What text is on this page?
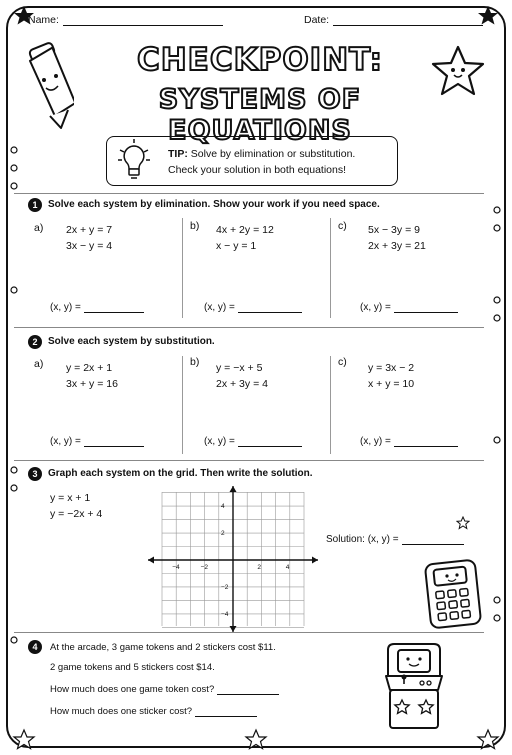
Name:	Date:
CHECKPOINT:
SYSTEMS OF EQUATIONS
TIP: Solve by elimination or substitution.
Check your solution in both equations!
1	Solve each system by elimination. Show your work if you need space.
a) 2x + y = 7
3x − y = 4
b) 4x + 2y = 12
x − y = 1
c) 5x − 3y = 9
2x + 3y = 21
(x, y) =	(x, y) =	(x, y) =
2	Solve each system by substitution.
a) y = 2x + 1
3x + y = 16
b) y = −x + 5
2x + 3y = 4
c) y = 3x − 2
x + y = 10
(x, y) =	(x, y) =	(x, y) =
3	Graph each system on the grid. Then write the solution.
y = x + 1
y = −2x + 4
−4	−2	2	4
4
2
−2
−4
Solution: (x, y) =
4	At the arcade, 3 game tokens and 2 stickers cost $11.
2 game tokens and 5 stickers cost $14.
How much does one game token cost?
How much does one sticker cost?
